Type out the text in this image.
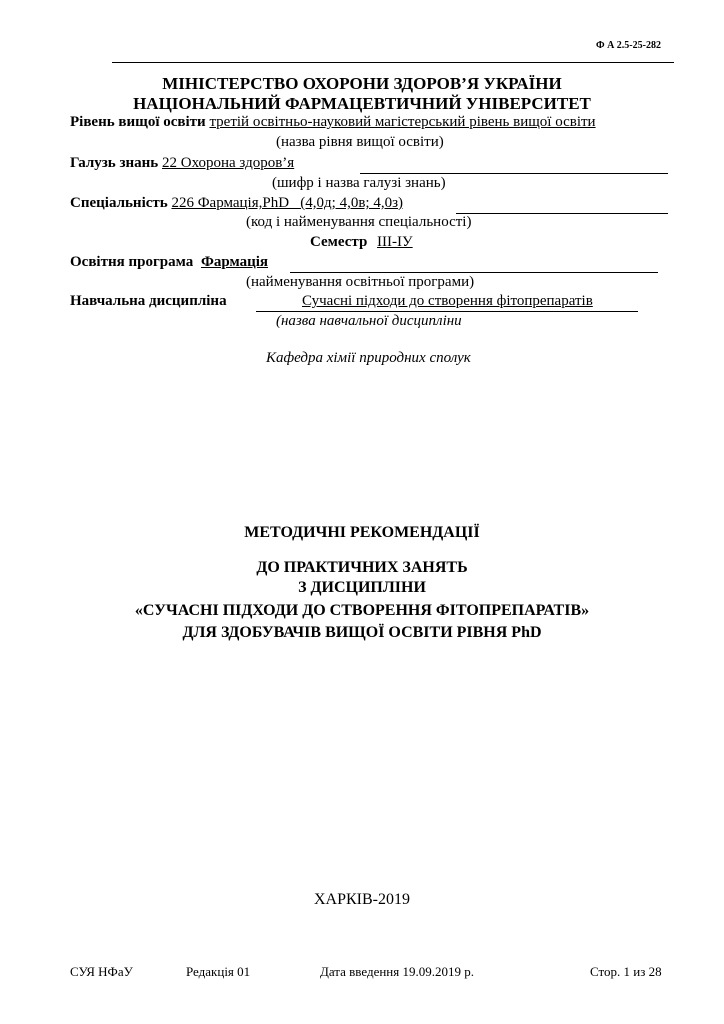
Ф А 2.5-25-282
МІНІСТЕРСТВО ОХОРОНИ ЗДОРОВ’Я УКРАЇНИ
НАЦІОНАЛЬНИЙ ФАРМАЦЕВТИЧНИЙ УНІВЕРСИТЕТ
Рівень вищої освіти третій освітньо-науковий магістерський рівень вищої освіти
(назва рівня вищої освіти)
Галузь знань 22 Охорона здоров’я
(шифр і назва галузі знань)
Спеціальність 226 Фармація,PhD   (4,0д; 4,0в; 4,0з)
(код і найменування спеціальності)
Семестр ІІІ-ІУ
Освітня програма Фармація
(найменування освітньої програми)
Навчальна дисципліна	Сучасні підходи до створення фітопрепаратів
(назва навчальної дисципліни
Кафедра хімії природних сполук
МЕТОДИЧНІ РЕКОМЕНДАЦІЇ
ДО ПРАКТИЧНИХ ЗАНЯТЬ
З ДИСЦИПЛІНИ
«СУЧАСНІ ПІДХОДИ ДО СТВОРЕННЯ ФІТОПРЕПАРАТІВ»
ДЛЯ ЗДОБУВАЧІВ ВИЩОЇ ОСВІТИ РІВНЯ PhD
ХАРКІВ-2019
СУЯ НФаУ	Редакція 01	Дата введення 19.09.2019 р.	Стор. 1 из 28
